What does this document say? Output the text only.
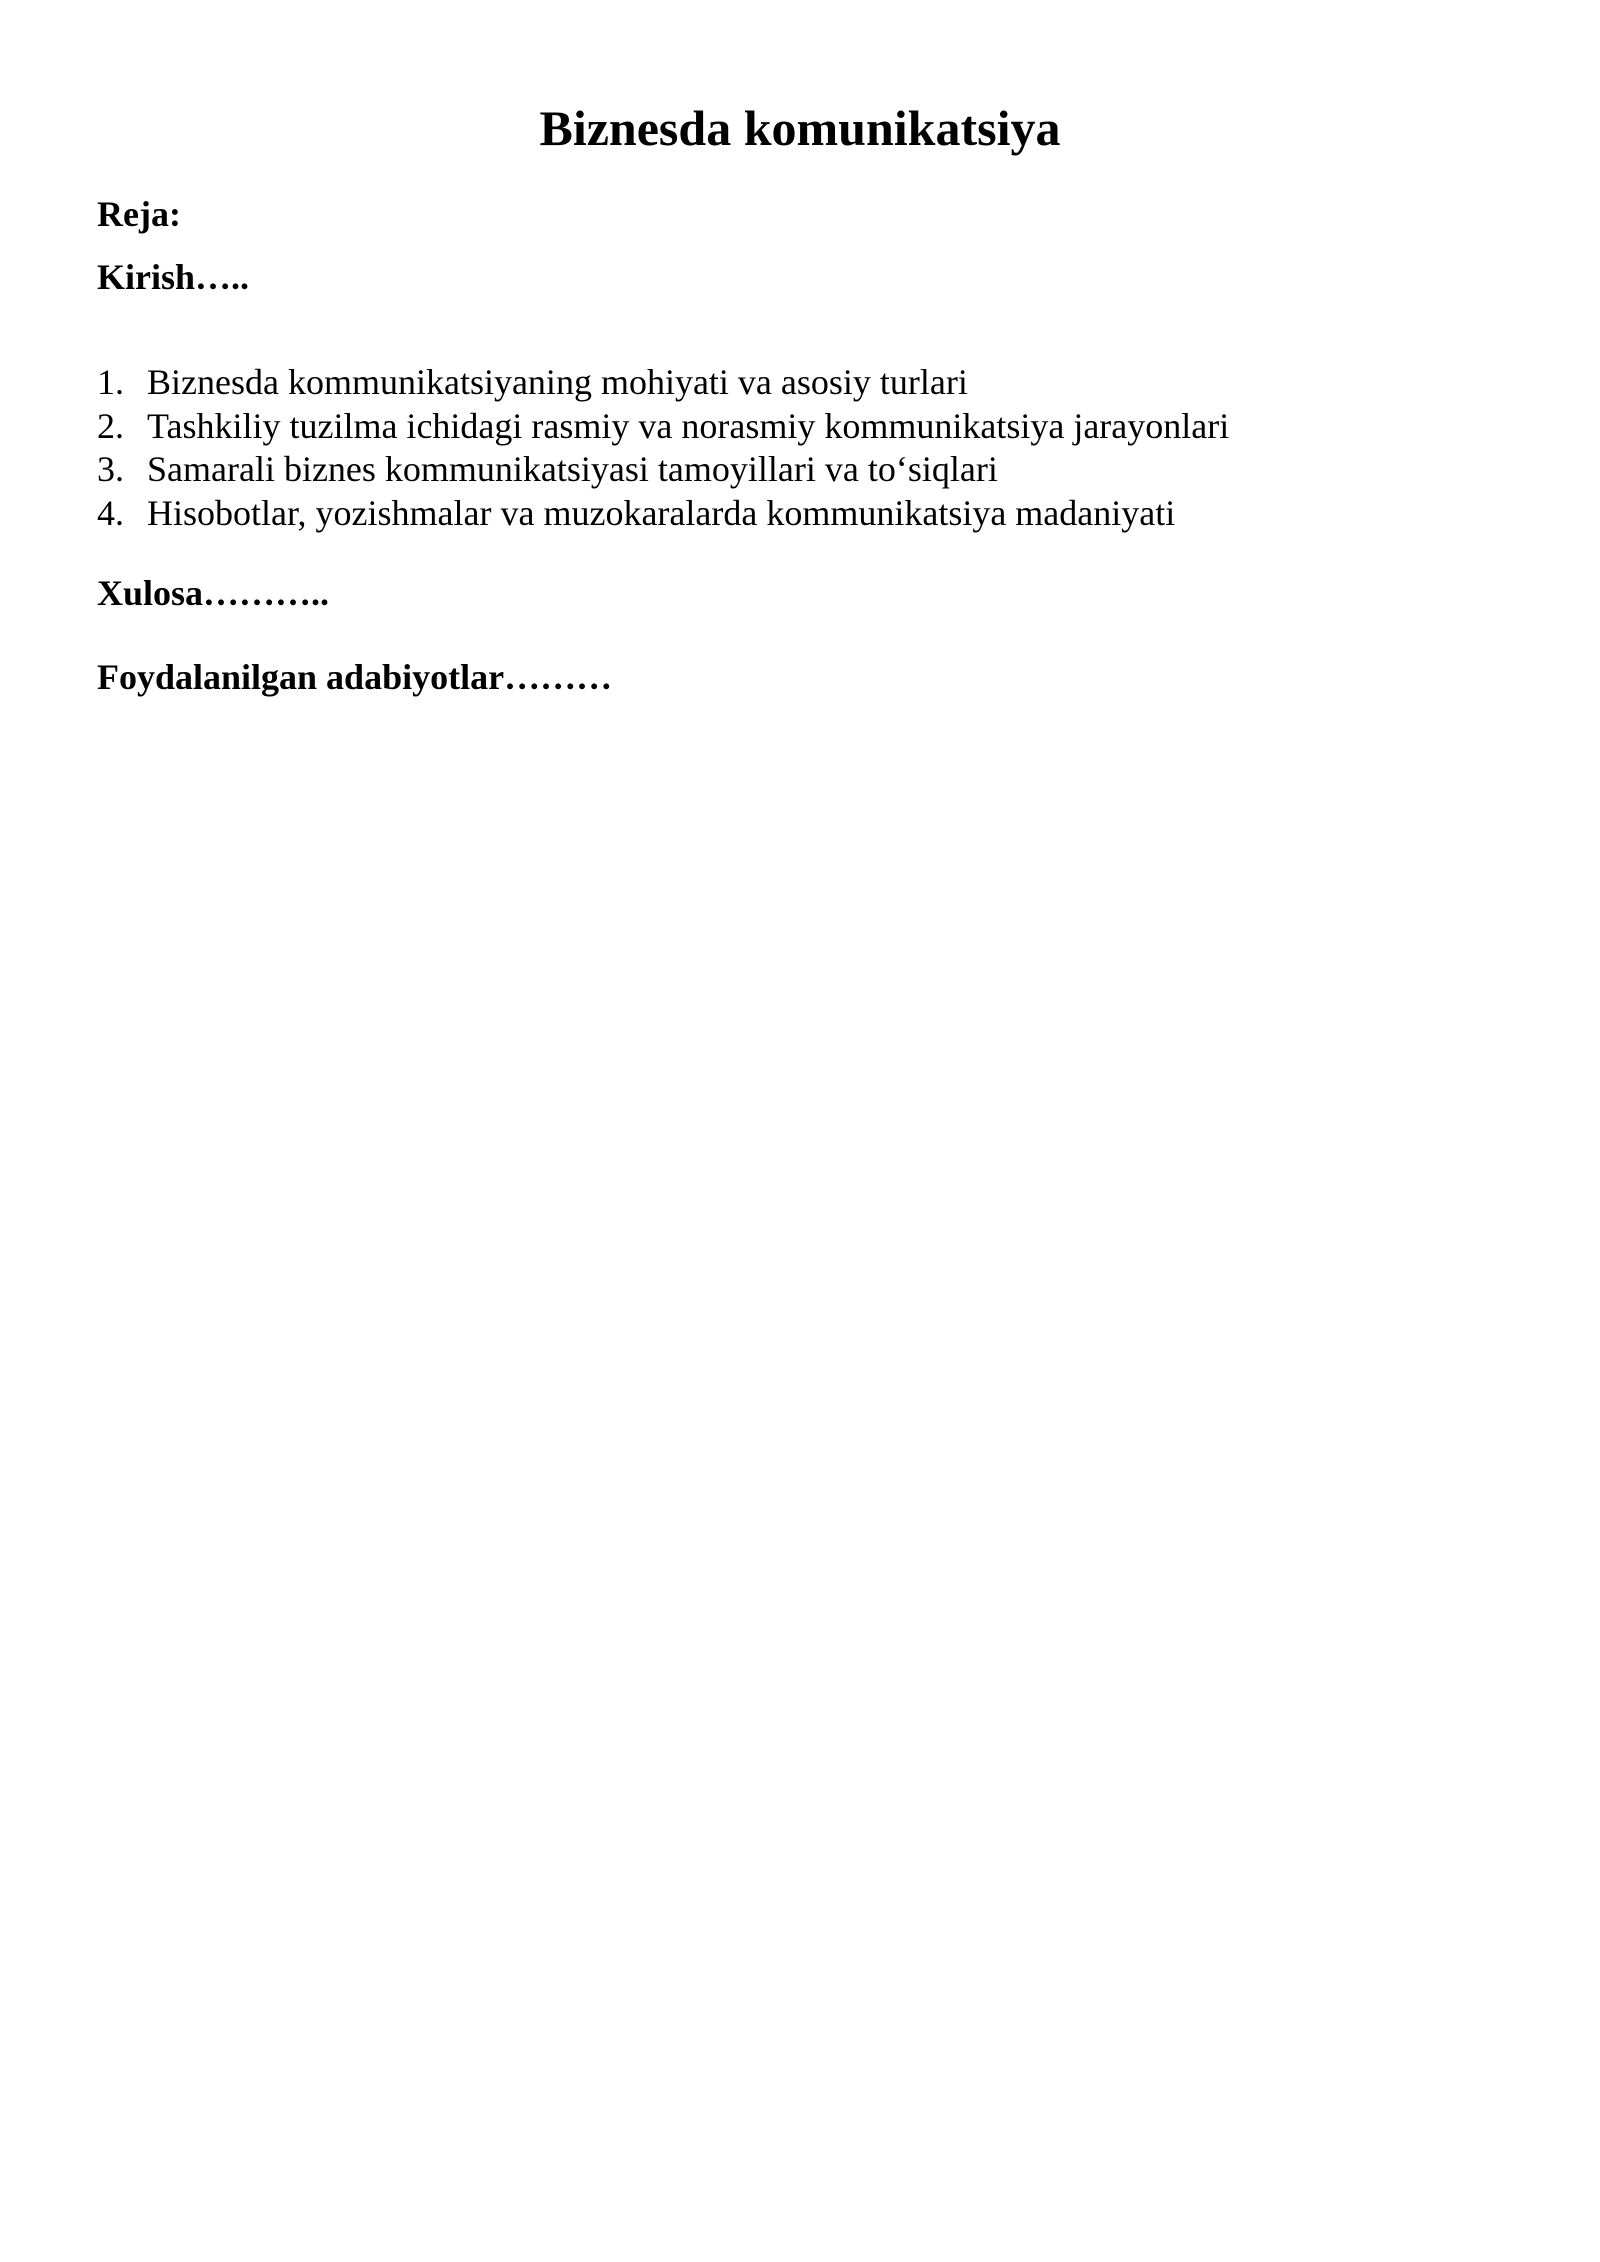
Biznesda komunikatsiya
Reja:
Kirish…..
1. Biznesda kommunikatsiyaning mohiyati va asosiy turlari
2. Tashkiliy tuzilma ichidagi rasmiy va norasmiy kommunikatsiya jarayonlari
3. Samarali biznes kommunikatsiyasi tamoyillari va to‘siqlari
4. Hisobotlar, yozishmalar va muzokaralarda kommunikatsiya madaniyati
Xulosa………..
Foydalanilgan adabiyotlar………
